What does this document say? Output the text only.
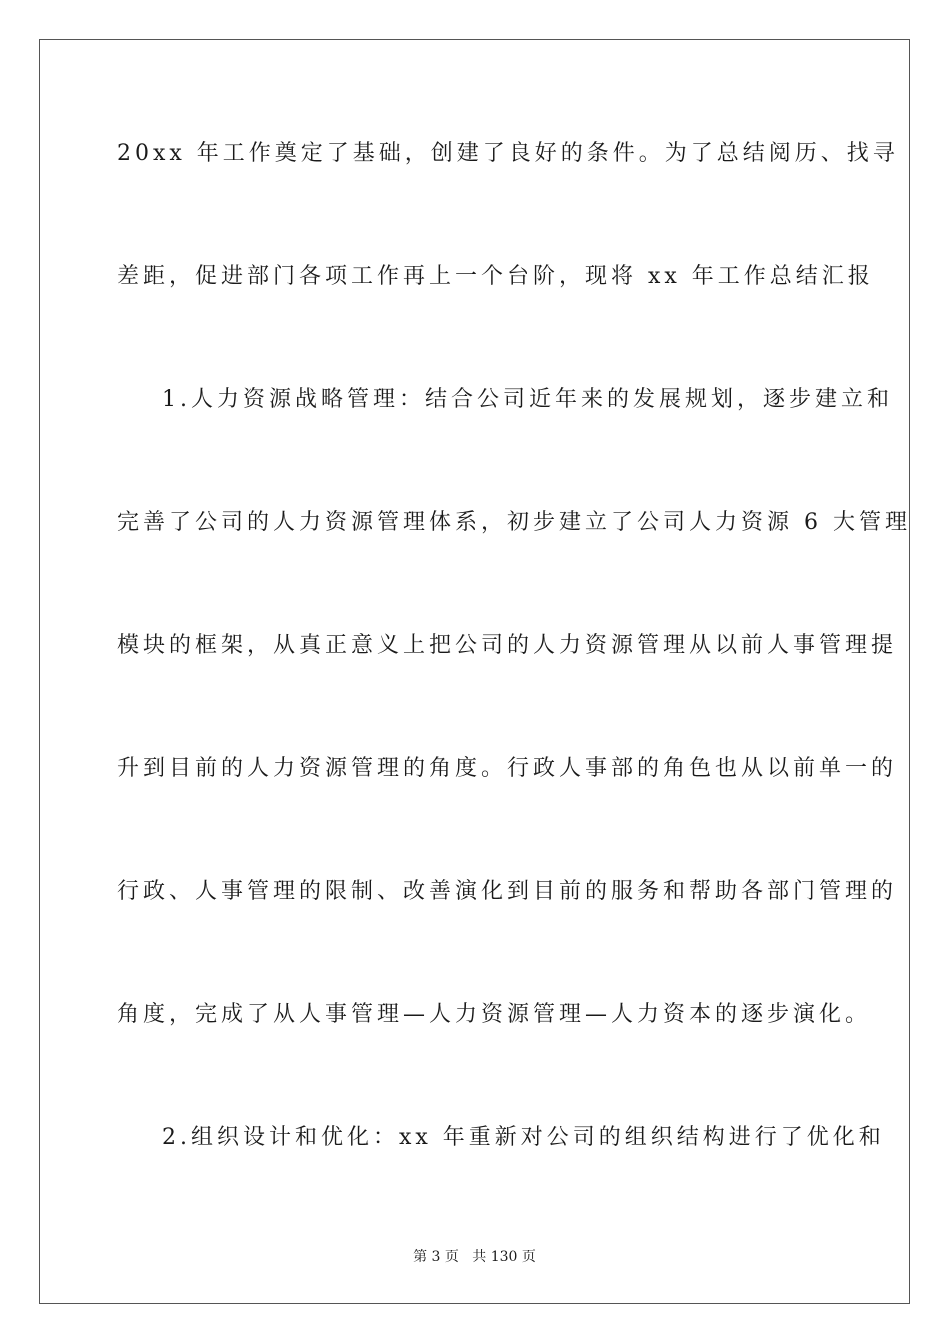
20xx 年工作奠定了基础，创建了良好的条件。为了总结阅历、找寻
差距，促进部门各项工作再上一个台阶，现将 xx 年工作总结汇报
1.人力资源战略管理：结合公司近年来的发展规划，逐步建立和
完善了公司的人力资源管理体系，初步建立了公司人力资源 6 大管理
模块的框架，从真正意义上把公司的人力资源管理从以前人事管理提
升到目前的人力资源管理的角度。行政人事部的角色也从以前单一的
行政、人事管理的限制、改善演化到目前的服务和帮助各部门管理的
角度，完成了从人事管理—人力资源管理—人力资本的逐步演化。
2.组织设计和优化：xx 年重新对公司的组织结构进行了优化和
第 3 页   共 130 页
